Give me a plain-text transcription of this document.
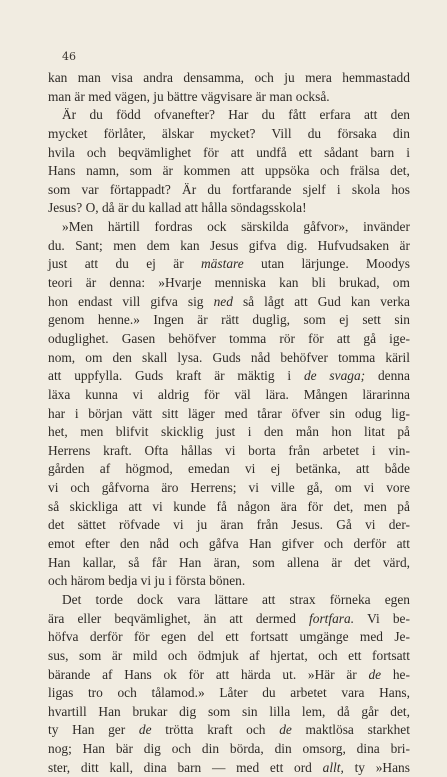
46
kan man visa andra densamma, och ju mera hemmastadd
man
är
med
vägen,
ju
bättre
vägvisare
är
man
också.
Är du född ofvanefter? Har du fått erfara att den
mycket förlåter, älskar mycket? Vill du försaka din
hvila och beqvämlighet för att undfå ett sådant barn i
Hans namn, som är kommen att uppsöka och frälsa det,
som var förtappadt? Är du fortfarande sjelf i skola hos
Jesus?
O,
då
är
du
kallad
att
hålla
söndagsskola!
»Men härtill fordras ock särskilda gåfvor», invänder
du. Sant; men dem kan Jesus gifva dig. Hufvudsaken är
just att du ej är mästare utan lärjunge. Moodys
teori är denna: »Hvarje menniska kan bli brukad, om
hon endast vill gifva sig ned så lågt att Gud kan verka
genom henne.» Ingen är rätt duglig, som ej sett sin
oduglighet. Gasen behöfver tomma rör för att gå ige-
nom, om den skall lysa. Guds nåd behöfver tomma käril
att uppfylla. Guds kraft är mäktig i de svaga; denna
läxa kunna vi aldrig för väl lära. Mången lärarinna
har i början vätt sitt läger med tårar öfver sin odug lig-
het, men blifvit skicklig just i den mån hon litat på
Herrens kraft. Ofta hållas vi borta från arbetet i vin-
gården af högmod, emedan vi ej betänka, att både
vi och gåfvorna äro Herrens; vi ville gå, om vi vore
så skickliga att vi kunde få någon ära för det, men på
det sättet röfvade vi ju äran från Jesus. Gå vi der-
emot efter den nåd och gåfva Han gifver och derför att
Han kallar, så får Han äran, som allena är det värd,
och
härom
bedja
vi
ju
i
första
bönen.
Det torde dock vara lättare att strax förneka egen
ära eller beqvämlighet, än att dermed fortfara. Vi be-
höfva derför för egen del ett fortsatt umgänge med Je-
sus, som är mild och ödmjuk af hjertat, och ett fortsatt
bärande af Hans ok för att härda ut. »Här är de he-
ligas tro och tålamod.» Låter du arbetet vara Hans,
hvartill Han brukar dig som sin lilla lem, då går det,
ty Han ger de trötta kraft och de maktlösa starkhet
nog; Han bär dig och din börda, din omsorg, dina bri-
ster, ditt kall, dina barn — med ett ord allt, ty »Hans
